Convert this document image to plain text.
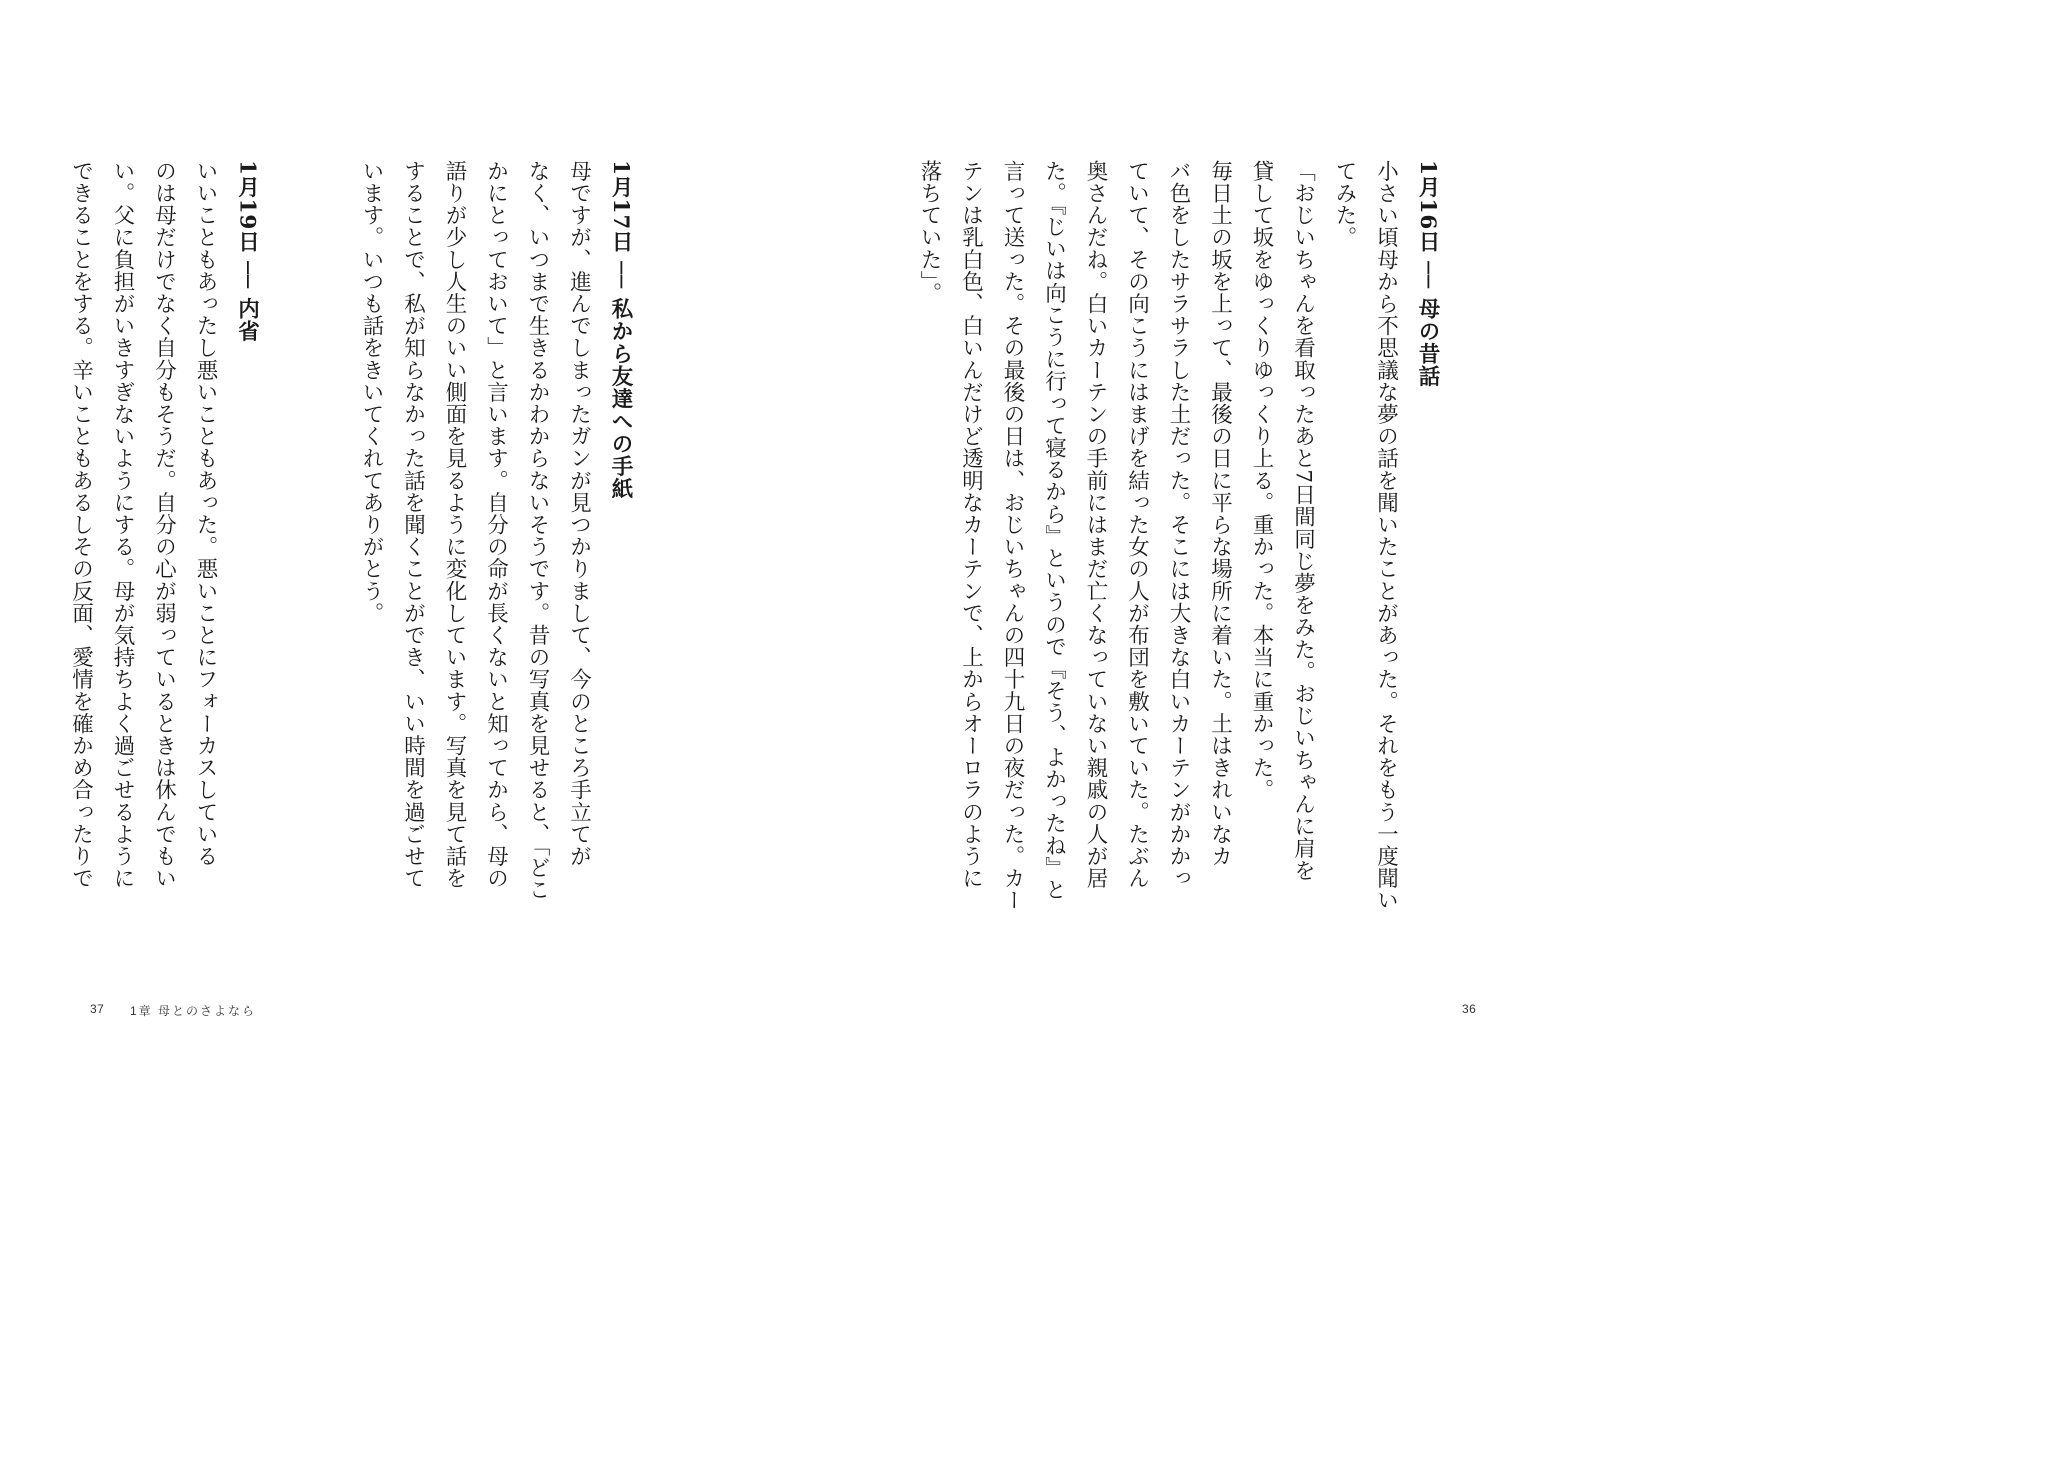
1月17日 ── 私から友達への手紙
母ですが、進んでしまったガンが見つかりまして、今のところ手立てが
なく、いつまで生きるかわからないそうです。昔の写真を見せると、「どこ
かにとっておいて」と言います。自分の命が長くないと知ってから、母の
語りが少し人生のいい側面を見るように変化しています。写真を見て話を
することで、私が知らなかった話を聞くことができ、いい時間を過ごせて
います。いつも話をきいてくれてありがとう。

1月19日 ── 内省
いいこともあったし悪いこともあった。悪いことにフォーカスしている
のは母だけでなく自分もそうだ。自分の心が弱っているときは休んでもい
い。父に負担がいきすぎないようにする。母が気持ちよく過ごせるように
できることをする。辛いこともあるしその反面、愛情を確かめ合ったりで
37 1章 母とのさよなら
1月16日 ── 母の昔話
小さい頃母から不思議な夢の話を聞いたことがあった。それをもう一度聞い
てみた。
「おじいちゃんを看取ったあと7日間同じ夢をみた。おじいちゃんに肩を
貸して坂をゆっくりゆっくり上る。重かった。本当に重かった。
毎日土の坂を上って、最後の日に平らな場所に着いた。土はきれいなカ
バ色をしたサラサラした土だった。そこには大きな白いカーテンがかかっ
ていて、その向こうにはまげを結った女の人が布団を敷いていた。たぶん
奥さんだね。白いカーテンの手前にはまだ亡くなっていない親戚の人が居
た。『じいは向こうに行って寝るから』というので『そう、よかったね』と
言って送った。その最後の日は、おじいちゃんの四十九日の夜だった。カー
テンは乳白色、白いんだけど透明なカーテンで、上からオーロラのように
落ちていた」。
36
